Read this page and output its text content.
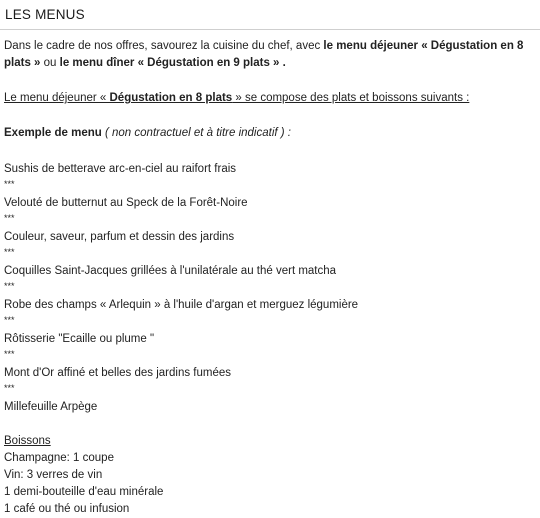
LES MENUS

Dans le cadre de nos offres, savourez la cuisine du chef, avec le menu déjeuner « Dégustation en 8 plats » ou le menu dîner « Dégustation en 9 plats » .

Le menu déjeuner « Dégustation en 8 plats » se compose des plats et boissons suivants :

Exemple de menu ( non contractuel et à titre indicatif ) :

Sushis de betterave arc-en-ciel au raifort frais

***

Velouté de butternut au Speck de la Forêt-Noire

***

Couleur, saveur, parfum et dessin des jardins

***

Coquilles Saint-Jacques grillées à l'unilatérale au thé vert matcha

***

Robe des champs « Arlequin » à l'huile d'argan et merguez légumière

***

Rôtisserie "Ecaille ou plume "

***

Mont d'Or affiné et belles des jardins fumées

***

Millefeuille Arpège

Boissons

Champagne: 1 coupe

Vin: 3 verres de vin

1 demi-bouteille d'eau minérale

1 café ou thé ou infusion
